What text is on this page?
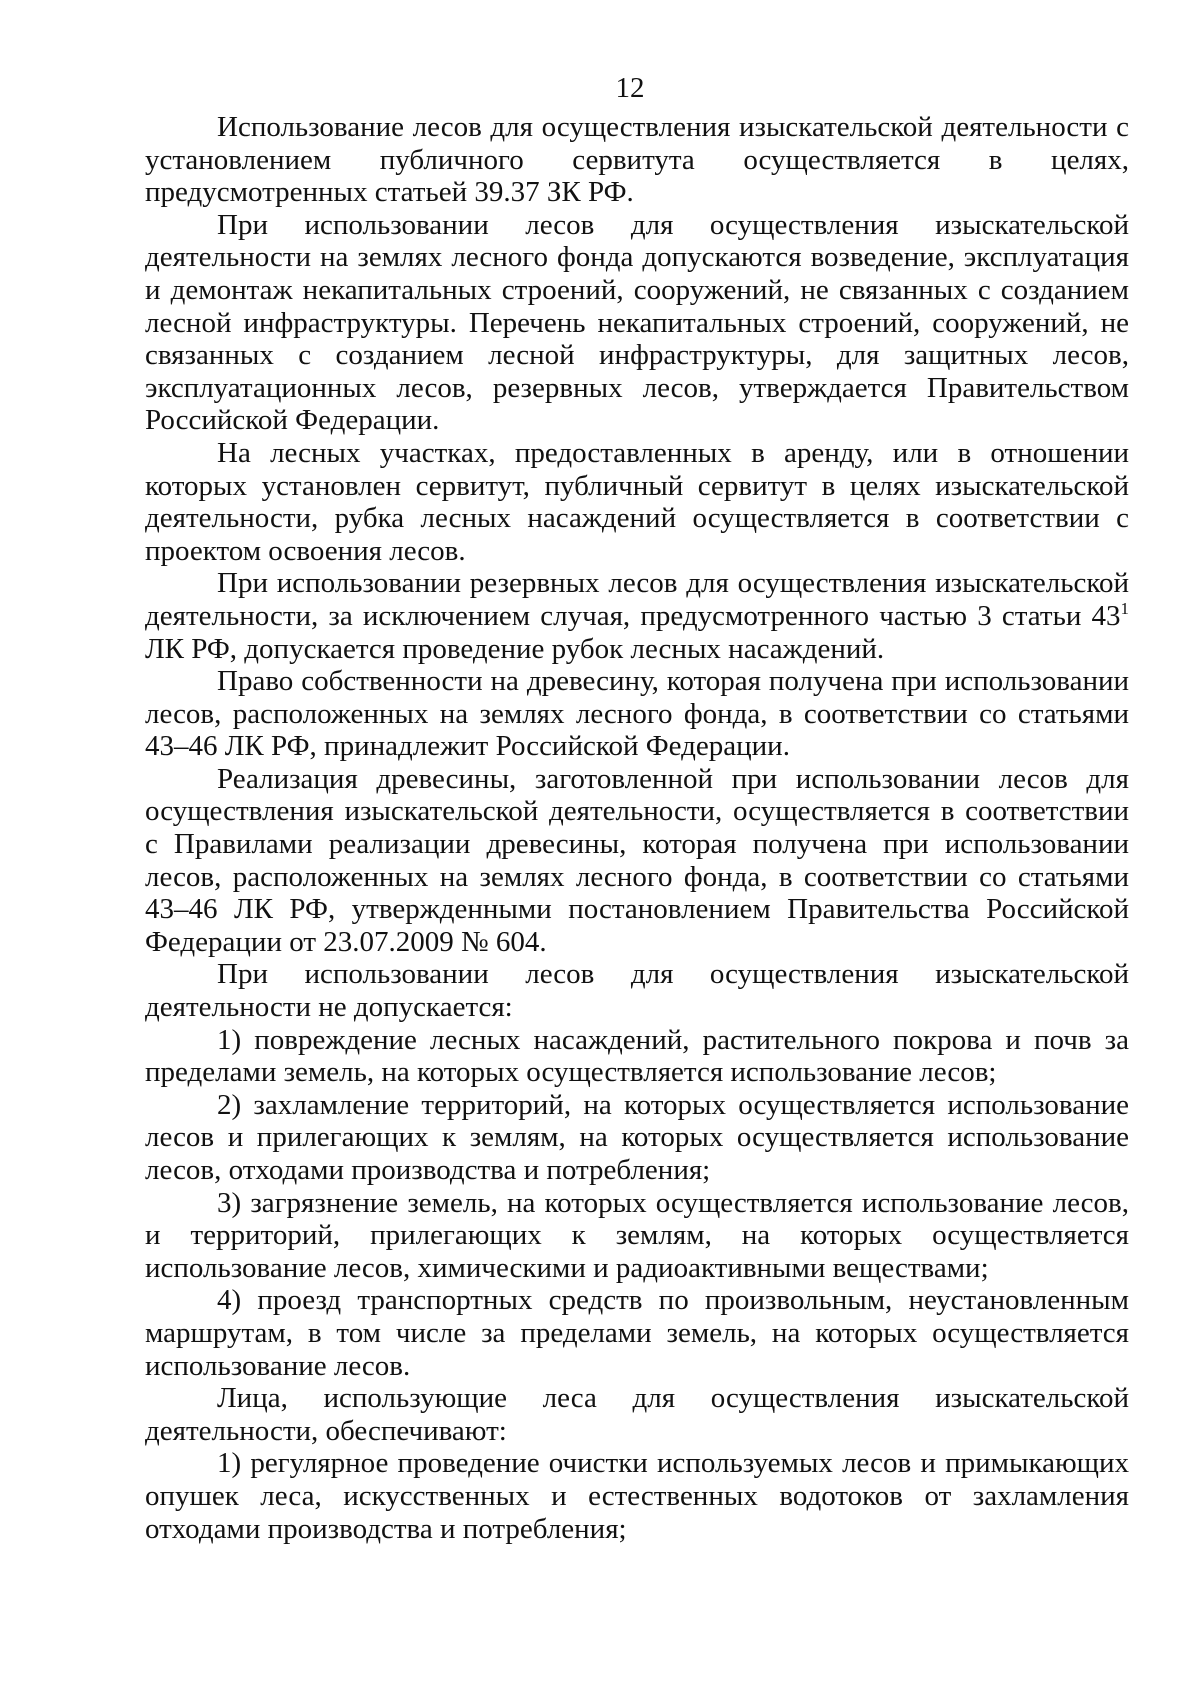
12

Использование лесов для осуществления изыскательской деятельности с установлением публичного сервитута осуществляется в целях, предусмотренных статьей 39.37 ЗК РФ.

При использовании лесов для осуществления изыскательской деятельности на землях лесного фонда допускаются возведение, эксплуатация и демонтаж некапитальных строений, сооружений, не связанных с созданием лесной инфраструктуры. Перечень некапитальных строений, сооружений, не связанных с созданием лесной инфраструктуры, для защитных лесов, эксплуатационных лесов, резервных лесов, утверждается Правительством Российской Федерации.

На лесных участках, предоставленных в аренду, или в отношении которых установлен сервитут, публичный сервитут в целях изыскательской деятельности, рубка лесных насаждений осуществляется в соответствии с проектом освоения лесов.

При использовании резервных лесов для осуществления изыскательской деятельности, за исключением случая, предусмотренного частью 3 статьи $43^1$ ЛК РФ, допускается проведение рубок лесных насаждений.

Право собственности на древесину, которая получена при использовании лесов, расположенных на землях лесного фонда, в соответствии со статьями 43–46 ЛК РФ, принадлежит Российской Федерации.

Реализация древесины, заготовленной при использовании лесов для осуществления изыскательской деятельности, осуществляется в соответствии с Правилами реализации древесины, которая получена при использовании лесов, расположенных на землях лесного фонда, в соответствии со статьями 43–46 ЛК РФ, утвержденными постановлением Правительства Российской Федерации от 23.07.2009 № 604.

При использовании лесов для осуществления изыскательской деятельности не допускается:

1) повреждение лесных насаждений, растительного покрова и почв за пределами земель, на которых осуществляется использование лесов;

2) захламление территорий, на которых осуществляется использование лесов и прилегающих к землям, на которых осуществляется использование лесов, отходами производства и потребления;

3) загрязнение земель, на которых осуществляется использование лесов, и территорий, прилегающих к землям, на которых осуществляется использование лесов, химическими и радиоактивными веществами;

4) проезд транспортных средств по произвольным, неустановленным маршрутам, в том числе за пределами земель, на которых осуществляется использование лесов.

Лица, использующие леса для осуществления изыскательской деятельности, обеспечивают:

1) регулярное проведение очистки используемых лесов и примыкающих опушек леса, искусственных и естественных водотоков от захламления отходами производства и потребления;
